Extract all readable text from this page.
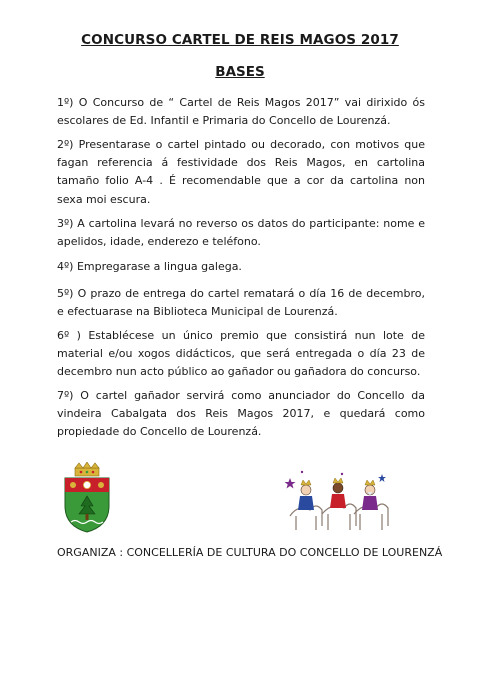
CONCURSO CARTEL DE REIS MAGOS 2017
BASES

1º) O Concurso de “ Cartel de Reis Magos 2017” vai dirixido ós escolares de Ed. Infantil e Primaria do Concello de Lourenzá.

2º) Presentarase o cartel pintado ou decorado, con motivos que fagan referencia á festividade dos Reis Magos, en cartolina tamaño folio A-4 . É recomendable que a cor da cartolina non sexa moi escura.

3º) A cartolina levará no reverso os datos do participante: nome e apelidos, idade, enderezo e teléfono.

4º) Empregarase a lingua galega.

5º) O prazo de entrega do cartel rematará o día 16 de decembro, e efectuarase na Biblioteca Municipal de Lourenzá.

6º ) Establécese un único premio que consistirá nun lote de material e/ou xogos didácticos, que será entregada o día 23 de decembro nun acto público ao gañador ou gañadora do concurso.

7º) O cartel gañador servirá como anunciador do Concello da vindeira Cabalgata dos Reis Magos 2017, e quedará como propiedade do Concello de Lourenzá.

ORGANIZA : CONCELLERÍA DE CULTURA DO CONCELLO DE LOURENZÁ
